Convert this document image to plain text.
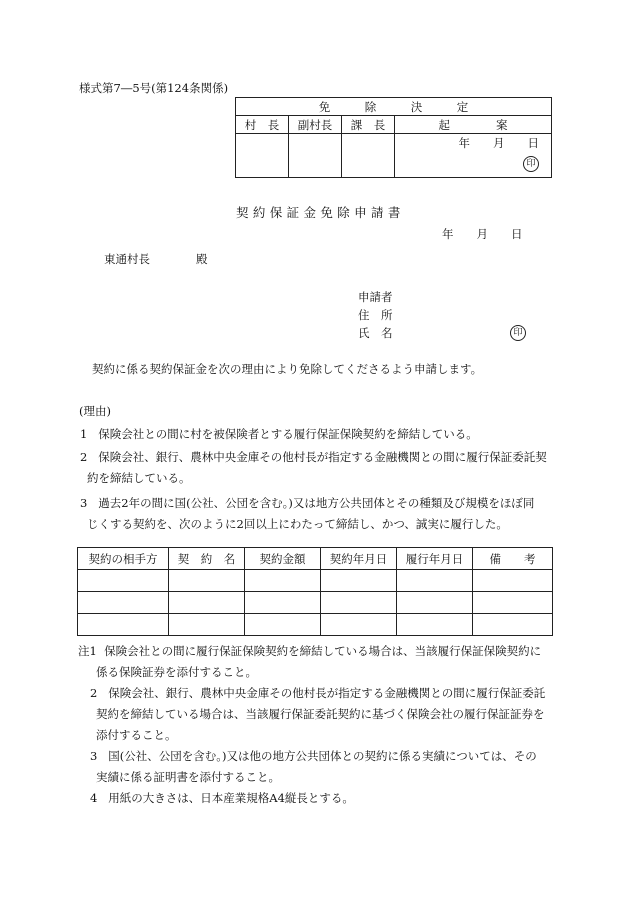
様式第7―5号(第124条関係)
免　　　除　　　決　　　定			
村　長	副村長	課　長	起　　　　案

			年　　月　　日
印
契約保証金免除申請書
年　　月　　日
東通村長	殿
申請者
住　所
氏　名	印
契約に係る契約保証金を次の理由により免除してくださるよう申請します。
(理由)
1 保険会社との間に村を被保険者とする履行保証保険契約を締結している。
2 保険会社、銀行、農林中央金庫その他村長が指定する金融機関との間に履行保証委託契
約を締結している。
3 過去2年の間に国(公社、公団を含む。)又は地方公共団体とその種類及び規模をほぼ同
じくする契約を、次のように2回以上にわたって締結し、かつ、誠実に履行した。
契約の相手方	契　約　名	契約金額	契約年月日	履行年月日	備　　考

注1 保険会社との間に履行保証保険契約を締結している場合は、当該履行保証保険契約に
係る保険証券を添付すること。
2 保険会社、銀行、農林中央金庫その他村長が指定する金融機関との間に履行保証委託
契約を締結している場合は、当該履行保証委託契約に基づく保険会社の履行保証証券を
添付すること。
3 国(公社、公団を含む。)又は他の地方公共団体との契約に係る実績については、その
実績に係る証明書を添付すること。
4 用紙の大きさは、日本産業規格A4縦長とする。
